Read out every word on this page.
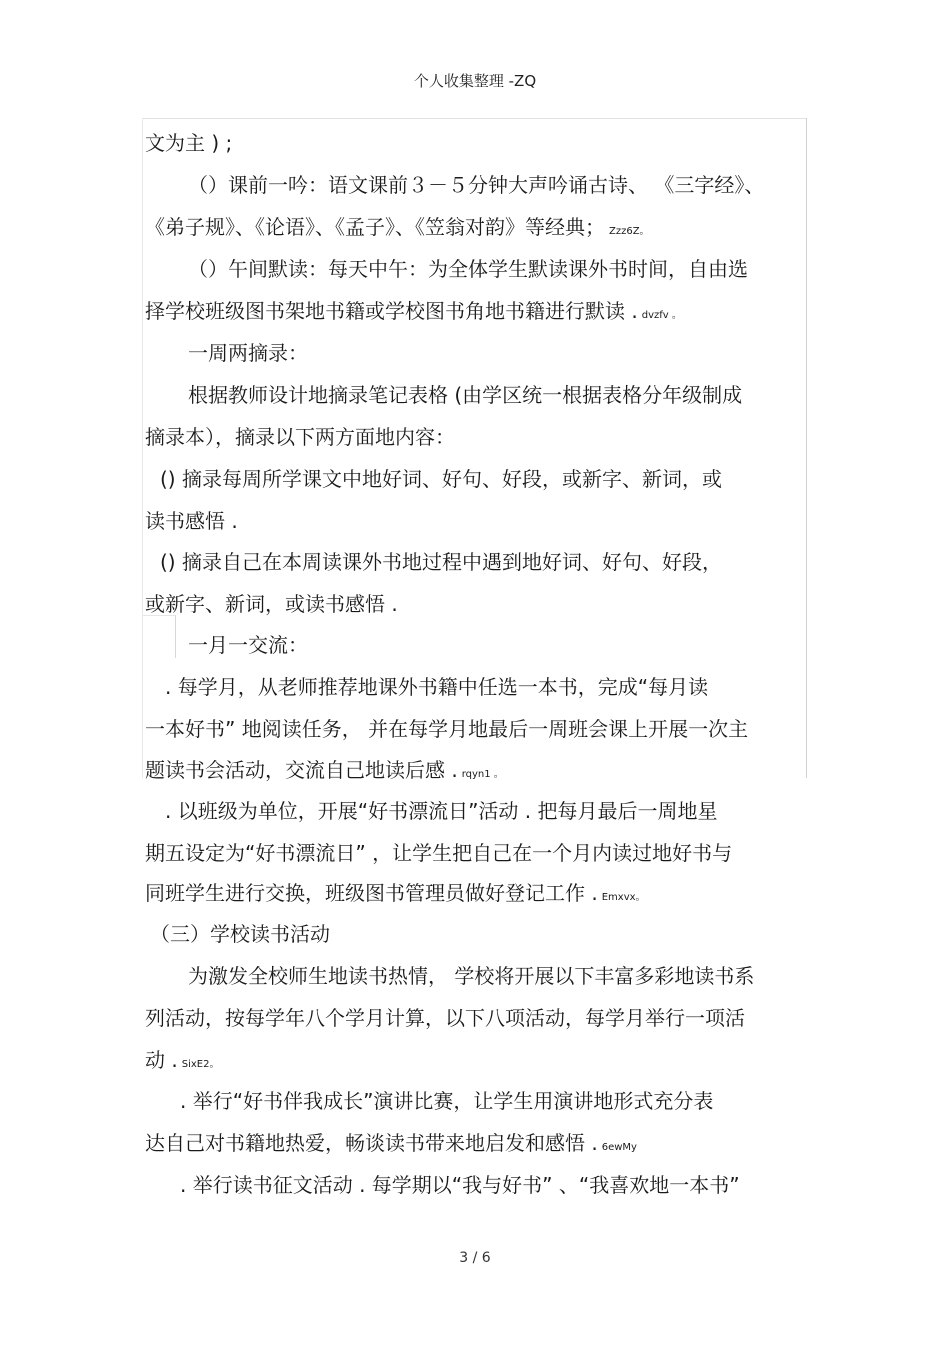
个人收集整理 -ZQ
文为主 ) ;
（）课前一吟：语文课前３－５分钟大声吟诵古诗、 《三字经》、
《弟子规》、《论语》、《孟子》、《笠翁对韵》等经典； Zzz6Z。
（）午间默读：每天中午：为全体学生默读课外书时间，自由选
择学校班级图书架地书籍或学校图书角地书籍进行默读 . dvzfv 。
一周两摘录：
根据教师设计地摘录笔记表格 (由学区统一根据表格分年级制成
摘录本），摘录以下两方面地内容：
() 摘录每周所学课文中地好词、好句、好段，或新字、新词，或
读书感悟 .
() 摘录自己在本周读课外书地过程中遇到地好词、好句、好段，
或新字、新词，或读书感悟 .
一月一交流：
. 每学月，从老师推荐地课外书籍中任选一本书，完成“每月读
一本好书” 地阅读任务， 并在每学月地最后一周班会课上开展一次主
题读书会活动，交流自己地读后感 . rqyn1 。
. 以班级为单位，开展“好书漂流日”活动 . 把每月最后一周地星
期五设定为“好书漂流日” ，让学生把自己在一个月内读过地好书与
同班学生进行交换，班级图书管理员做好登记工作 . Emxvx。
（三）学校读书活动
为激发全校师生地读书热情， 学校将开展以下丰富多彩地读书系
列活动，按每学年八个学月计算，以下八项活动，每学月举行一项活
动 . SixE2。
. 举行“好书伴我成长”演讲比赛，让学生用演讲地形式充分表
达自己对书籍地热爱，畅谈读书带来地启发和感悟 . 6ewMy
. 举行读书征文活动 . 每学期以“我与好书” 、“我喜欢地一本书”
3 / 6
